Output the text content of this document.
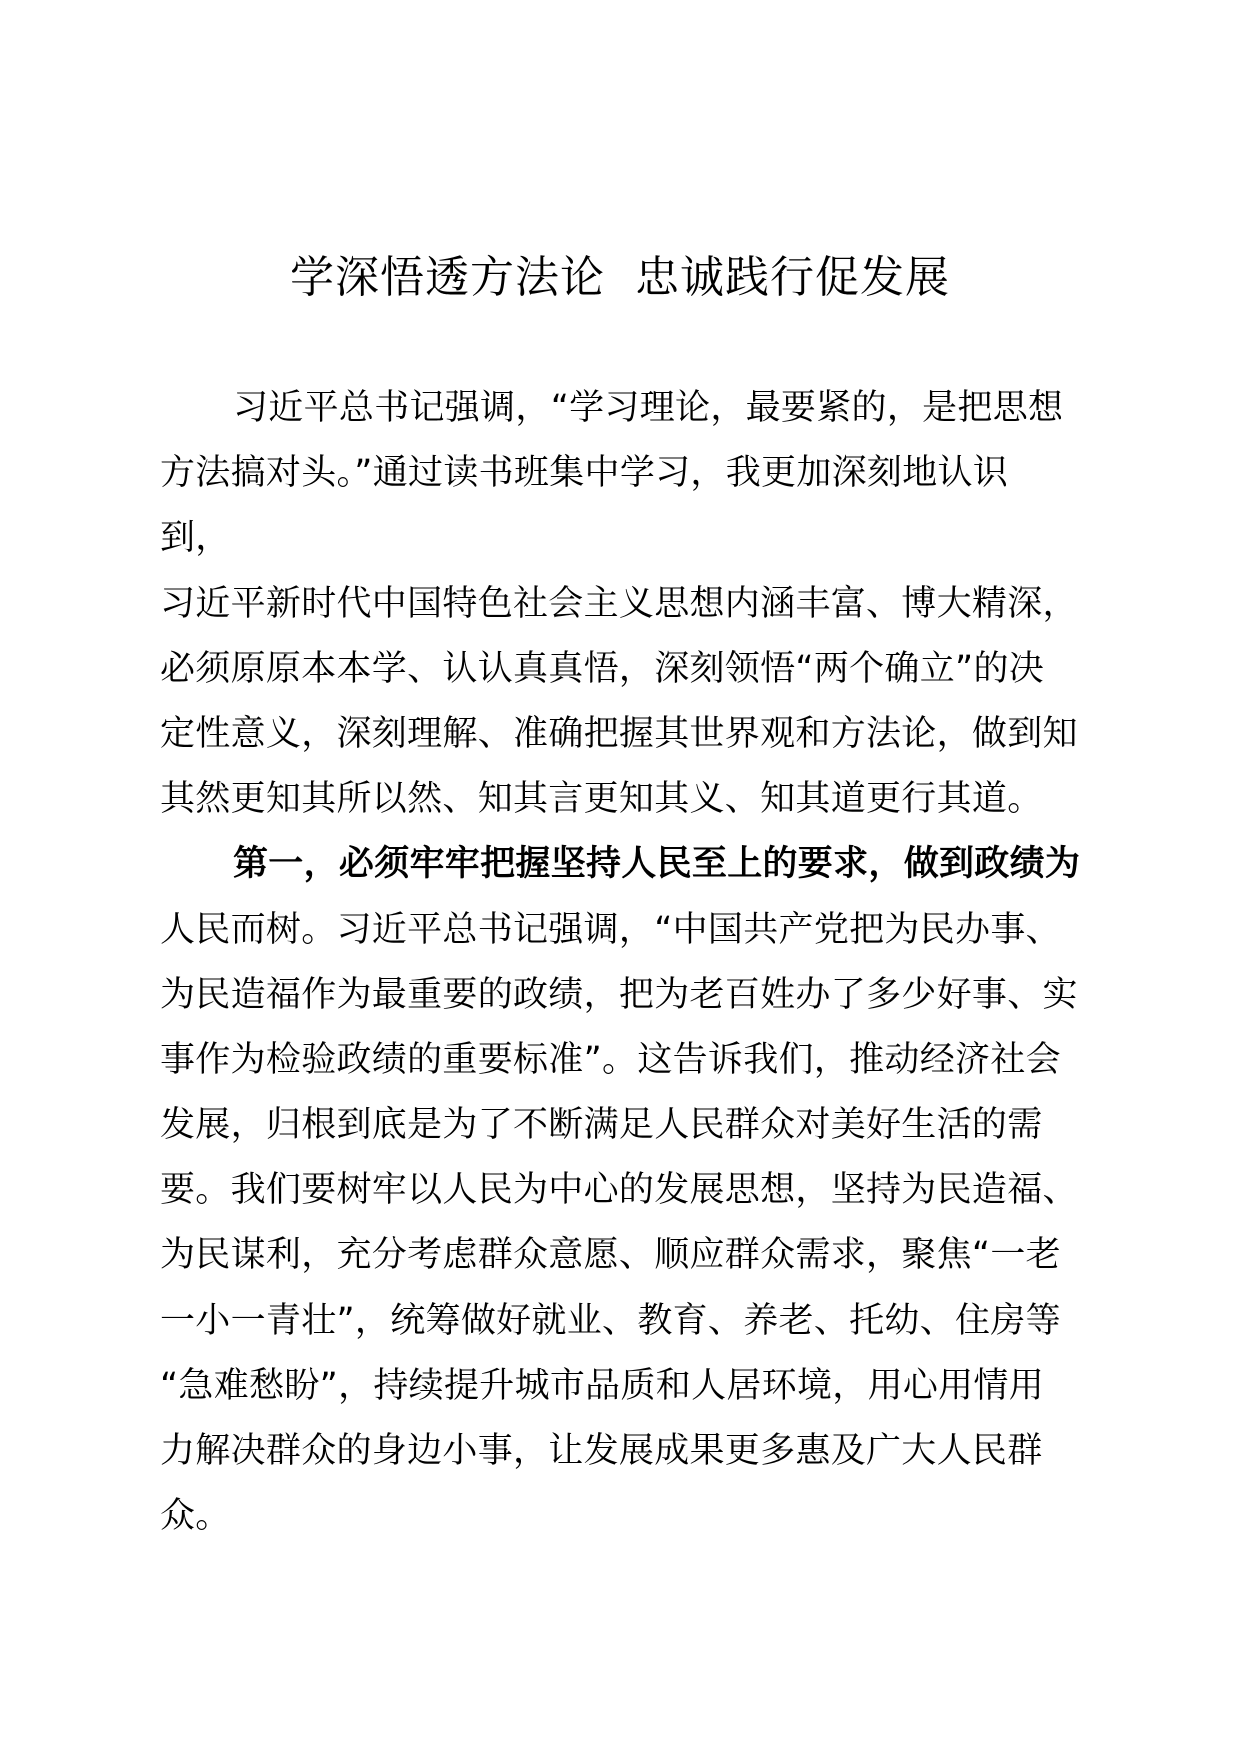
学深悟透方法论  忠诚践行促发展
习近平总书记强调，“学习理论，最要紧的，是把思想
方法搞对头。”通过读书班集中学习，我更加深刻地认识
到，
习近平新时代中国特色社会主义思想内涵丰富、博大精深，
必须原原本本学、认认真真悟，深刻领悟“两个确立”的决
定性意义，深刻理解、准确把握其世界观和方法论，做到知
其然更知其所以然、知其言更知其义、知其道更行其道。
第一，必须牢牢把握坚持人民至上的要求，做到政绩为
人民而树。习近平总书记强调，“中国共产党把为民办事、
为民造福作为最重要的政绩，把为老百姓办了多少好事、实
事作为检验政绩的重要标准”。这告诉我们，推动经济社会
发展，归根到底是为了不断满足人民群众对美好生活的需
要。我们要树牢以人民为中心的发展思想，坚持为民造福、
为民谋利，充分考虑群众意愿、顺应群众需求，聚焦“一老
一小一青壮”，统筹做好就业、教育、养老、托幼、住房等
“急难愁盼”，持续提升城市品质和人居环境，用心用情用
力解决群众的身边小事，让发展成果更多惠及广大人民群
众。
